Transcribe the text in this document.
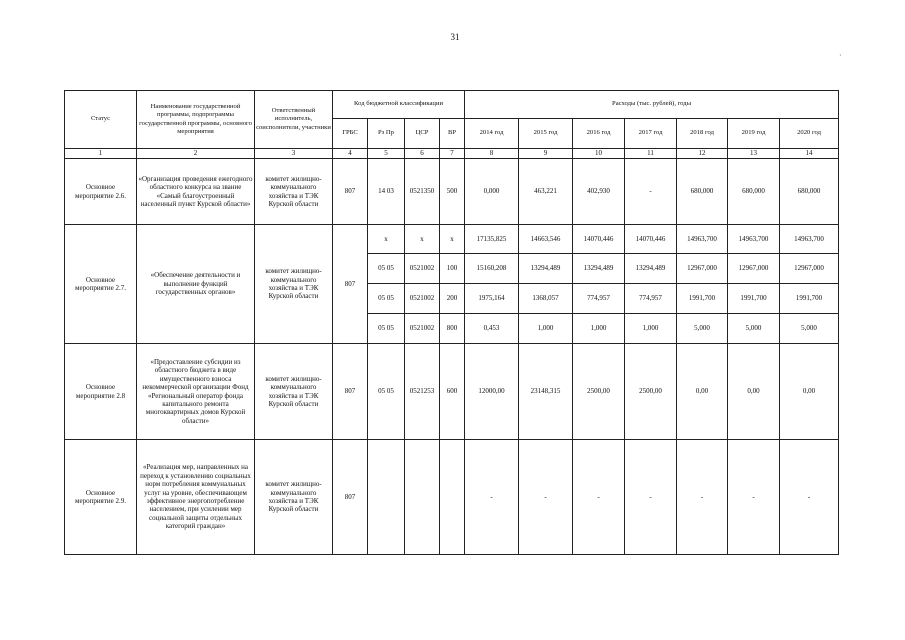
31
·
Статус	Наименование государственной программы, подпрограммы государственной программы, основного мероприятия	Ответственный исполнитель, соисполнители, участники	Код бюджетной классификации				Расходы (тыс. рублей), годы						
			ГРБС	Рз Пр	ЦСР	ВР	2014 год	2015 год	2016 год	2017 год	2018 год	2019 год	2020 год
1	2	3	4	5	6	7	8	9	10	11	12	13	14
Основное мероприятие 2.6.	«Организация проведения ежегодного областного конкурса на звание «Самый благоустроенный населенный пункт Курской области»	комитет жилищно-коммунального хозяйства и ТЭК Курской области	807	14 03	0521350	500	0,000	463,221	402,930	-	680,000	680,000	680,000
Основное мероприятие 2.7.	«Обеспечение деятельности и выполнение функций государственных органов»	комитет жилищно-коммунального хозяйства и ТЭК Курской области	807	х	х	х	17135,825	14663,546	14070,446	14070,446	14963,700	14963,700	14963,700
				05 05	0521002	100	15160,208	13294,489	13294,489	13294,489	12967,000	12967,000	12967,000
				05 05	0521002	200	1975,164	1368,057	774,957	774,957	1991,700	1991,700	1991,700
				05 05	0521002	800	0,453	1,000	1,000	1,000	5,000	5,000	5,000
Основное мероприятие 2.8	«Предоставление субсидии из областного бюджета в виде имущественного взноса некоммерческой организации Фонд «Региональный оператор фонда капитального ремонта многоквартирных домов Курской области»	комитет жилищно-коммунального хозяйства и ТЭК Курской области	807	05 05	0521253	600	12000,00	23148,315	2500,00	2500,00	0,00	0,00	0,00
Основное мероприятие 2.9.	«Реализация мер, направленных на переход к установлению социальных норм потребления коммунальных услуг на уровне, обеспечивающем эффективное энергопотребление населением, при усилении мер социальной защиты отдельных категорий граждан»	комитет жилищно-коммунального хозяйства и ТЭК Курской области	807				-	-	-	-	-	-	-
